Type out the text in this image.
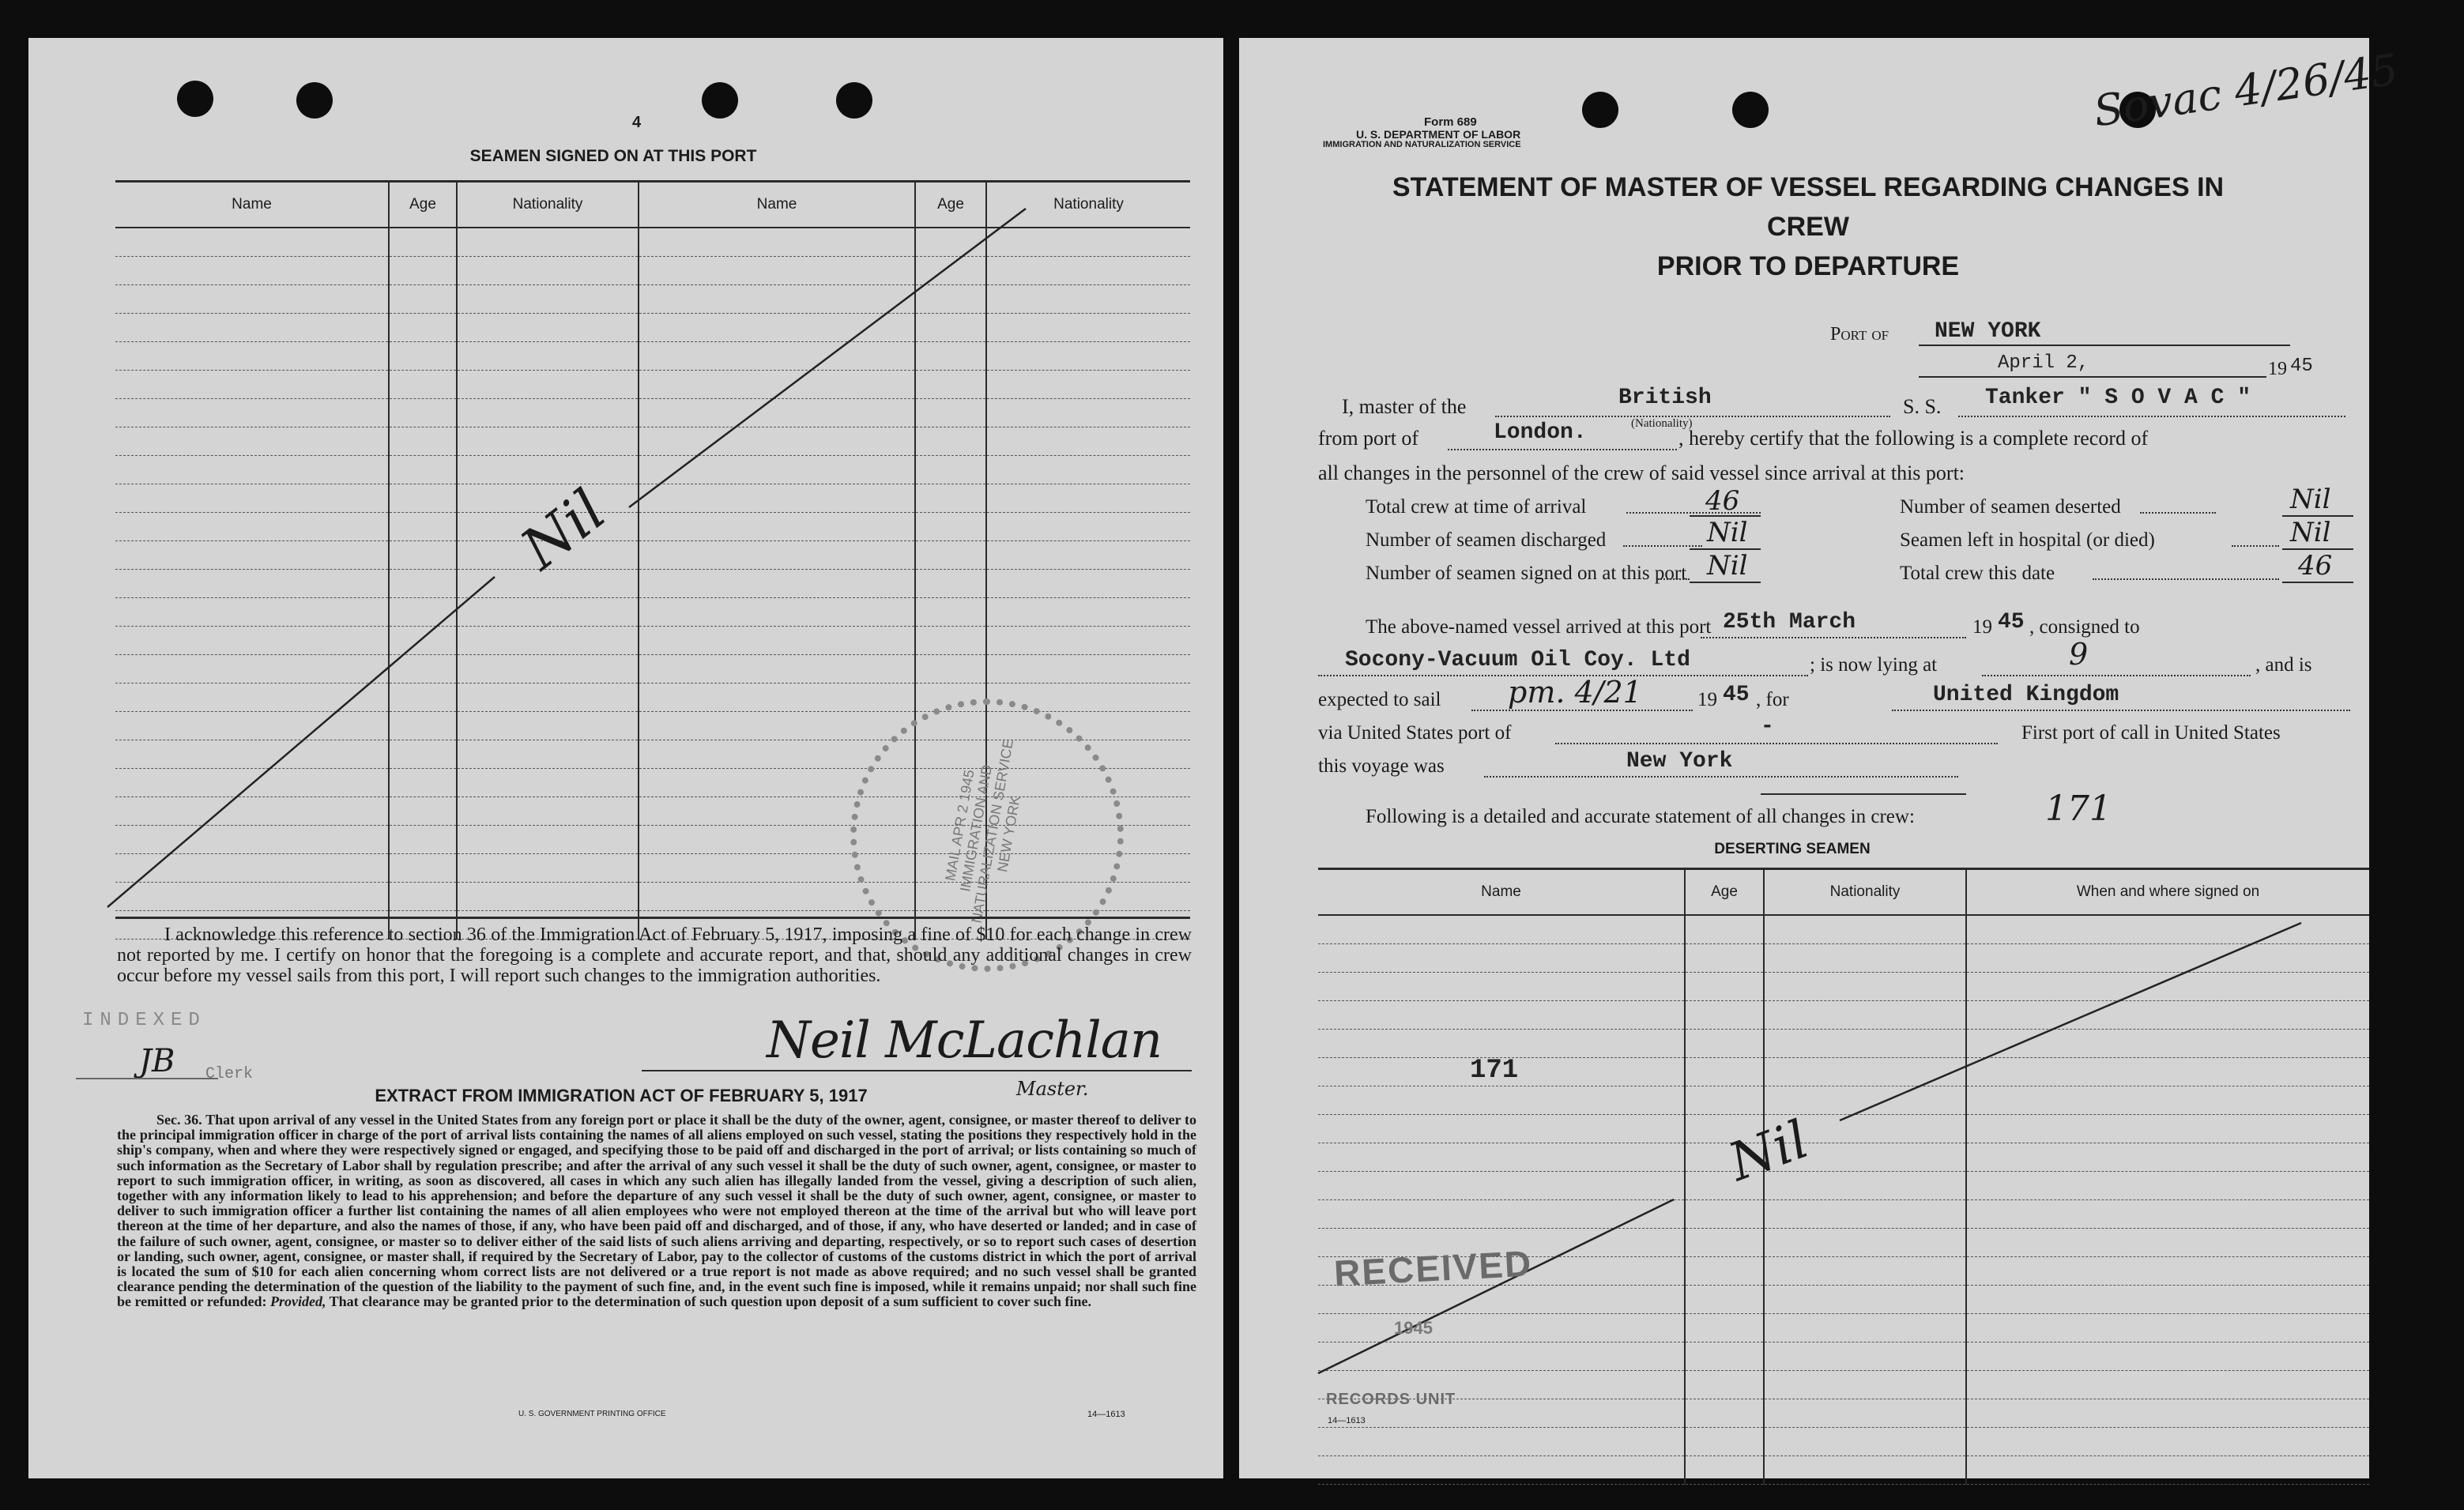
4
SEAMEN SIGNED ON AT THIS PORT
Name	Age	Nationality	Name	Age	Nationality

Nil
MAIL APR 2 1945 IMMIGRATION AND NATURALIZATION SERVICE NEW YORK
I acknowledge this reference to section 36 of the Immigration Act of February 5, 1917, imposing a fine of $10 for each change in crew not reported by me. I certify on honor that the foregoing is a complete and accurate report, and that, should any additional changes in crew occur before my vessel sails from this port, I will report such changes to the immigration authorities.
INDEXED
JB Clerk
Neil McLachlan
Master.
EXTRACT FROM IMMIGRATION ACT OF FEBRUARY 5, 1917
Sec. 36. That upon arrival of any vessel in the United States from any foreign port or place it shall be the duty of the owner, agent, consignee, or master thereof to deliver to the principal immigration officer in charge of the port of arrival lists containing the names of all aliens employed on such vessel, stating the positions they respectively hold in the ship's company, when and where they were respectively signed or engaged, and specifying those to be paid off and discharged in the port of arrival; or lists containing so much of such information as the Secretary of Labor shall by regulation prescribe; and after the arrival of any such vessel it shall be the duty of such owner, agent, consignee, or master to report to such immigration officer, in writing, as soon as discovered, all cases in which any such alien has illegally landed from the vessel, giving a description of such alien, together with any information likely to lead to his apprehension; and before the departure of any such vessel it shall be the duty of such owner, agent, consignee, or master to deliver to such immigration officer a further list containing the names of all alien employees who were not employed thereon at the time of the arrival but who will leave port thereon at the time of her departure, and also the names of those, if any, who have been paid off and discharged, and of those, if any, who have deserted or landed; and in case of the failure of such owner, agent, consignee, or master so to deliver either of the said lists of such aliens arriving and departing, respectively, or so to report such cases of desertion or landing, such owner, agent, consignee, or master shall, if required by the Secretary of Labor, pay to the collector of customs of the customs district in which the port of arrival is located the sum of $10 for each alien concerning whom correct lists are not delivered or a true report is not made as above required; and no such vessel shall be granted clearance pending the determination of the question of the liability to the payment of such fine, and, in the event such fine is imposed, while it remains unpaid; nor shall such fine be remitted or refunded: Provided, That clearance may be granted prior to the determination of such question upon deposit of a sum sufficient to cover such fine.
U. S. GOVERNMENT PRINTING OFFICE	14—1613
Sovac 4/26/45
Form 689
U. S. DEPARTMENT OF LABOR
IMMIGRATION AND NATURALIZATION SERVICE
STATEMENT OF MASTER OF VESSEL REGARDING CHANGES IN CREW
PRIOR TO DEPARTURE
Port of NEW YORK
April 2,	19 45
I, master of the	British
(Nationality)
S. S. Tanker " S O V A C "
from port of	London.	, hereby certify that the following is a complete record of
all changes in the personnel of the crew of said vessel since arrival at this port:
Total crew at time of arrival	46
Number of seamen discharged	Nil
Number of seamen signed on at this port Nil
Number of seamen deserted	Nil
Seamen left in hospital (or died)	Nil
Total crew this date	46
The above-named vessel arrived at this port 25th March	19 45 , consigned to
Socony-Vacuum Oil Coy. Ltd	; is now lying at	9	, and is
expected to sail pm. 4/21	19 45 , for	United Kingdom
via United States port of	-	First port of call in United States
this voyage was	New York
Following is a detailed and accurate statement of all changes in crew:	171
DESERTING SEAMEN
Name	Age	Nationality	When and where signed on

171
Nil
RECEIVED
1945
RECORDS UNIT
14—1613
